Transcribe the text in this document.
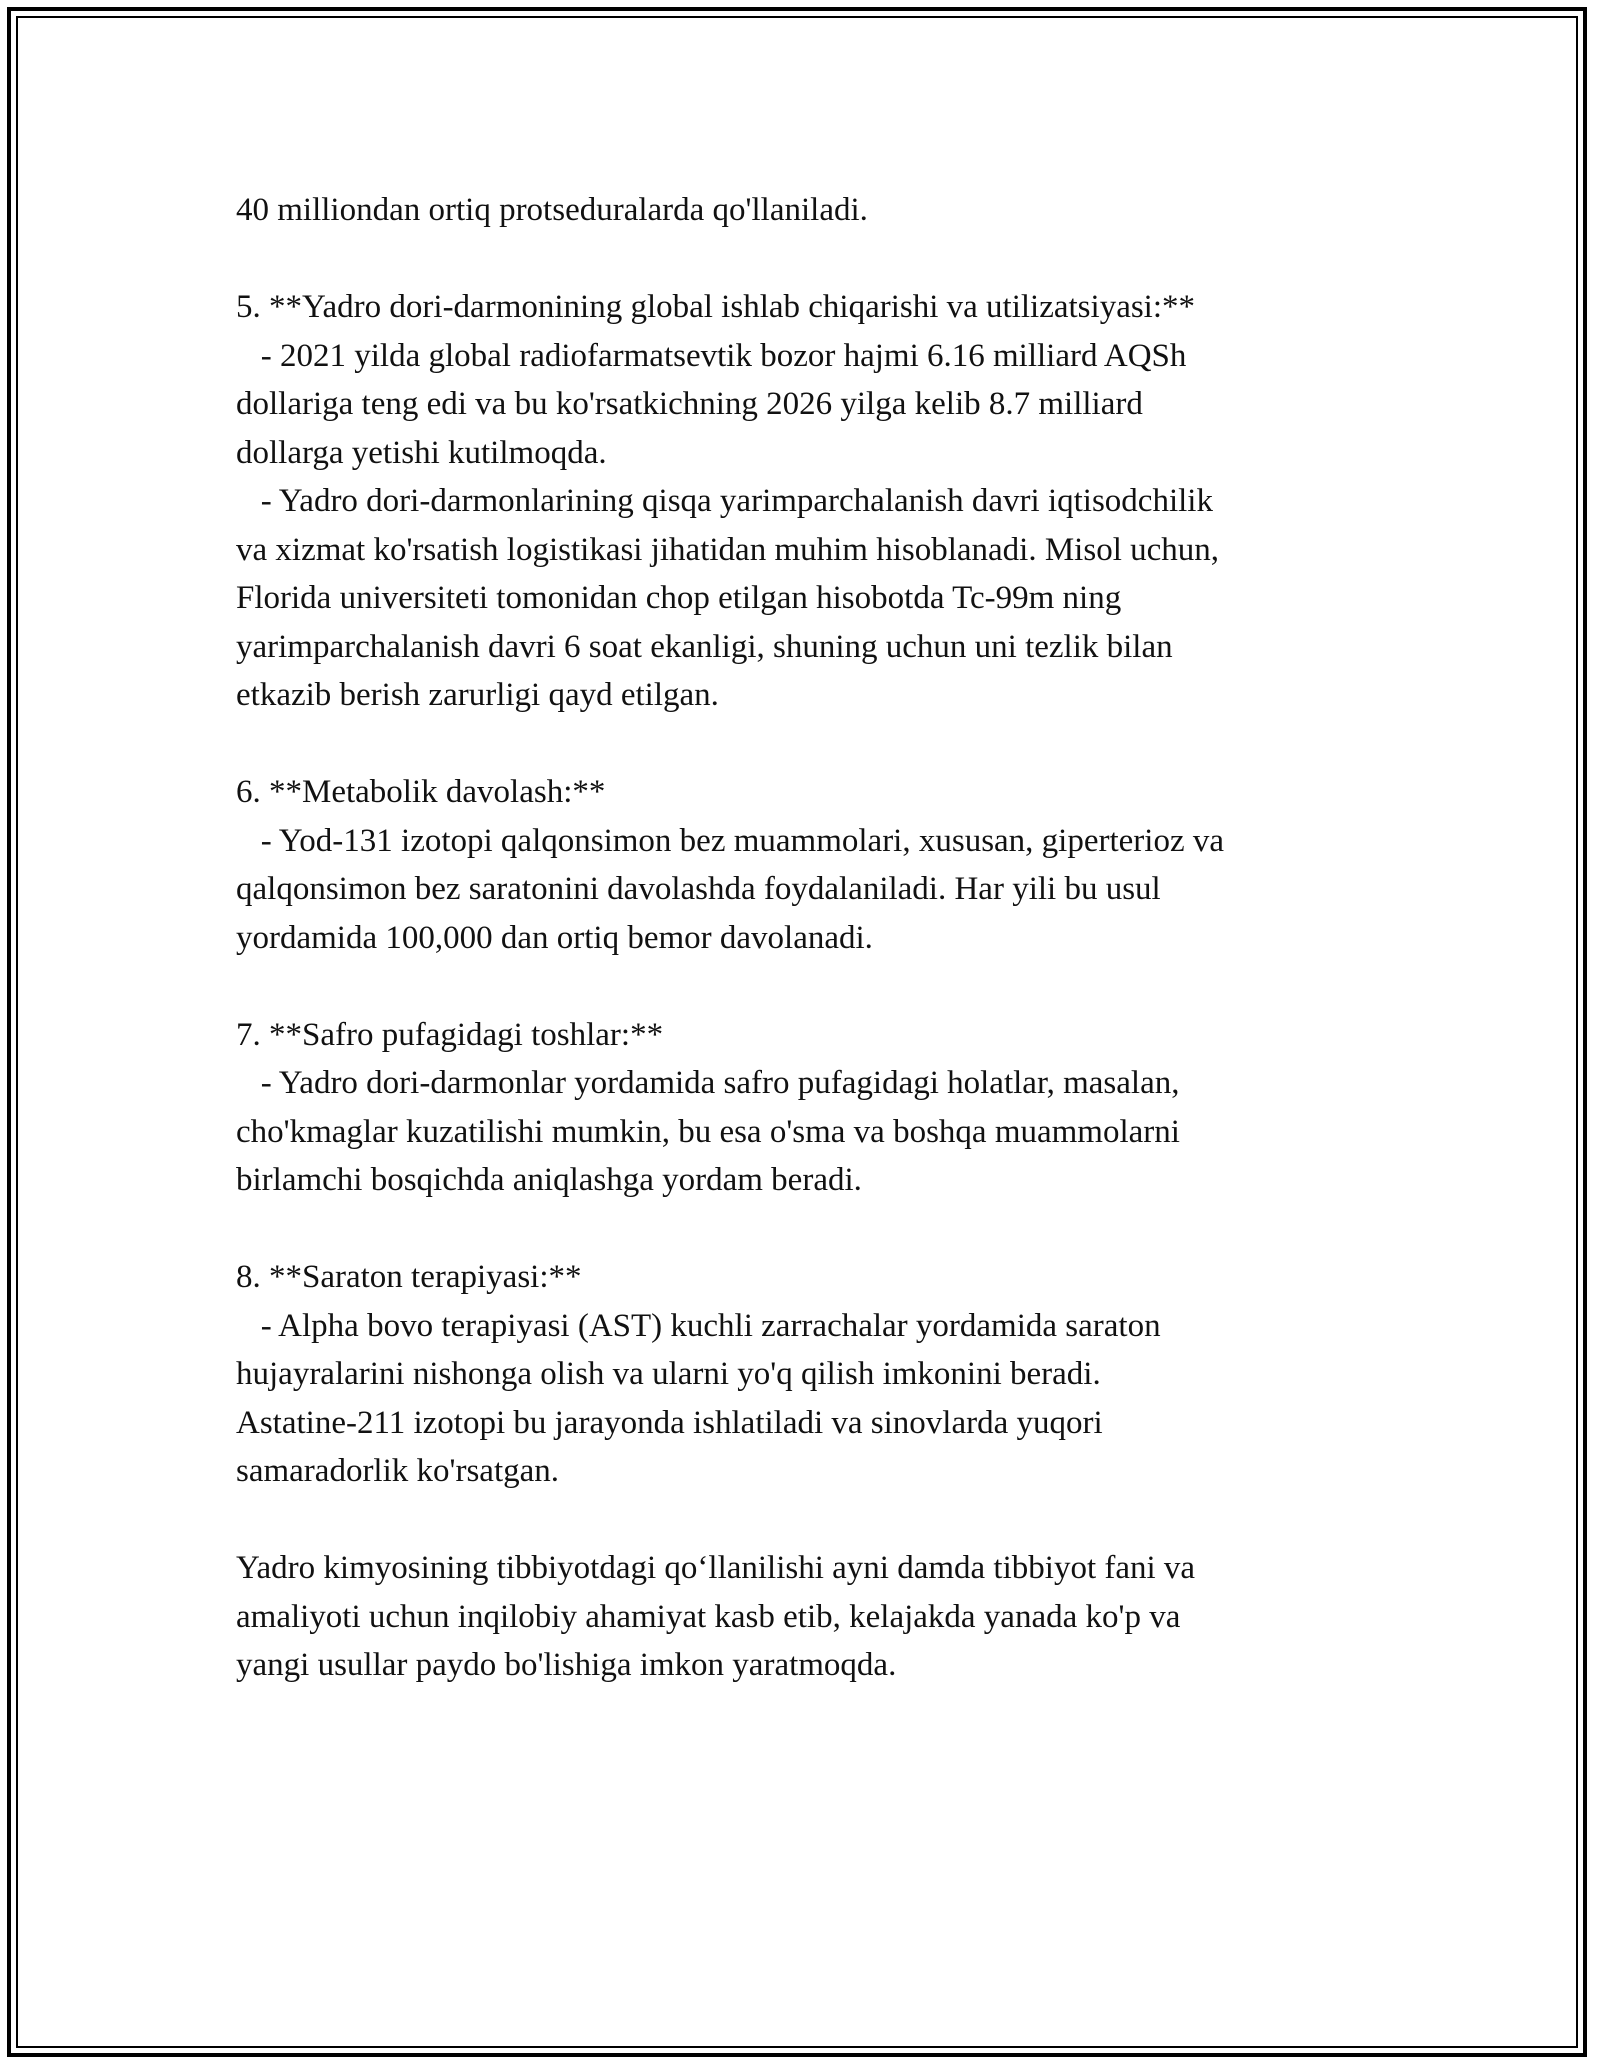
40 milliondan ortiq protseduralarda qo'llaniladi.
5. **Yadro dori-darmonining global ishlab chiqarishi va utilizatsiyasi:**
- 2021 yilda global radiofarmatsevtik bozor hajmi 6.16 milliard AQSh
dollariga teng edi va bu ko'rsatkichning 2026 yilga kelib 8.7 milliard
dollarga yetishi kutilmoqda.
- Yadro dori-darmonlarining qisqa yarimparchalanish davri iqtisodchilik
va xizmat ko'rsatish logistikasi jihatidan muhim hisoblanadi. Misol uchun,
Florida universiteti tomonidan chop etilgan hisobotda Tc-99m ning
yarimparchalanish davri 6 soat ekanligi, shuning uchun uni tezlik bilan
etkazib berish zarurligi qayd etilgan.
6. **Metabolik davolash:**
- Yod-131 izotopi qalqonsimon bez muammolari, xususan, giperterioz va
qalqonsimon bez saratonini davolashda foydalaniladi. Har yili bu usul
yordamida 100,000 dan ortiq bemor davolanadi.
7. **Safro pufagidagi toshlar:**
- Yadro dori-darmonlar yordamida safro pufagidagi holatlar, masalan,
cho'kmaglar kuzatilishi mumkin, bu esa o'sma va boshqa muammolarni
birlamchi bosqichda aniqlashga yordam beradi.
8. **Saraton terapiyasi:**
- Alpha bovo terapiyasi (AST) kuchli zarrachalar yordamida saraton
hujayralarini nishonga olish va ularni yo'q qilish imkonini beradi.
Astatine-211 izotopi bu jarayonda ishlatiladi va sinovlarda yuqori
samaradorlik ko'rsatgan.
Yadro kimyosining tibbiyotdagi qo‘llanilishi ayni damda tibbiyot fani va
amaliyoti uchun inqilobiy ahamiyat kasb etib, kelajakda yanada ko'p va
yangi usullar paydo bo'lishiga imkon yaratmoqda.
